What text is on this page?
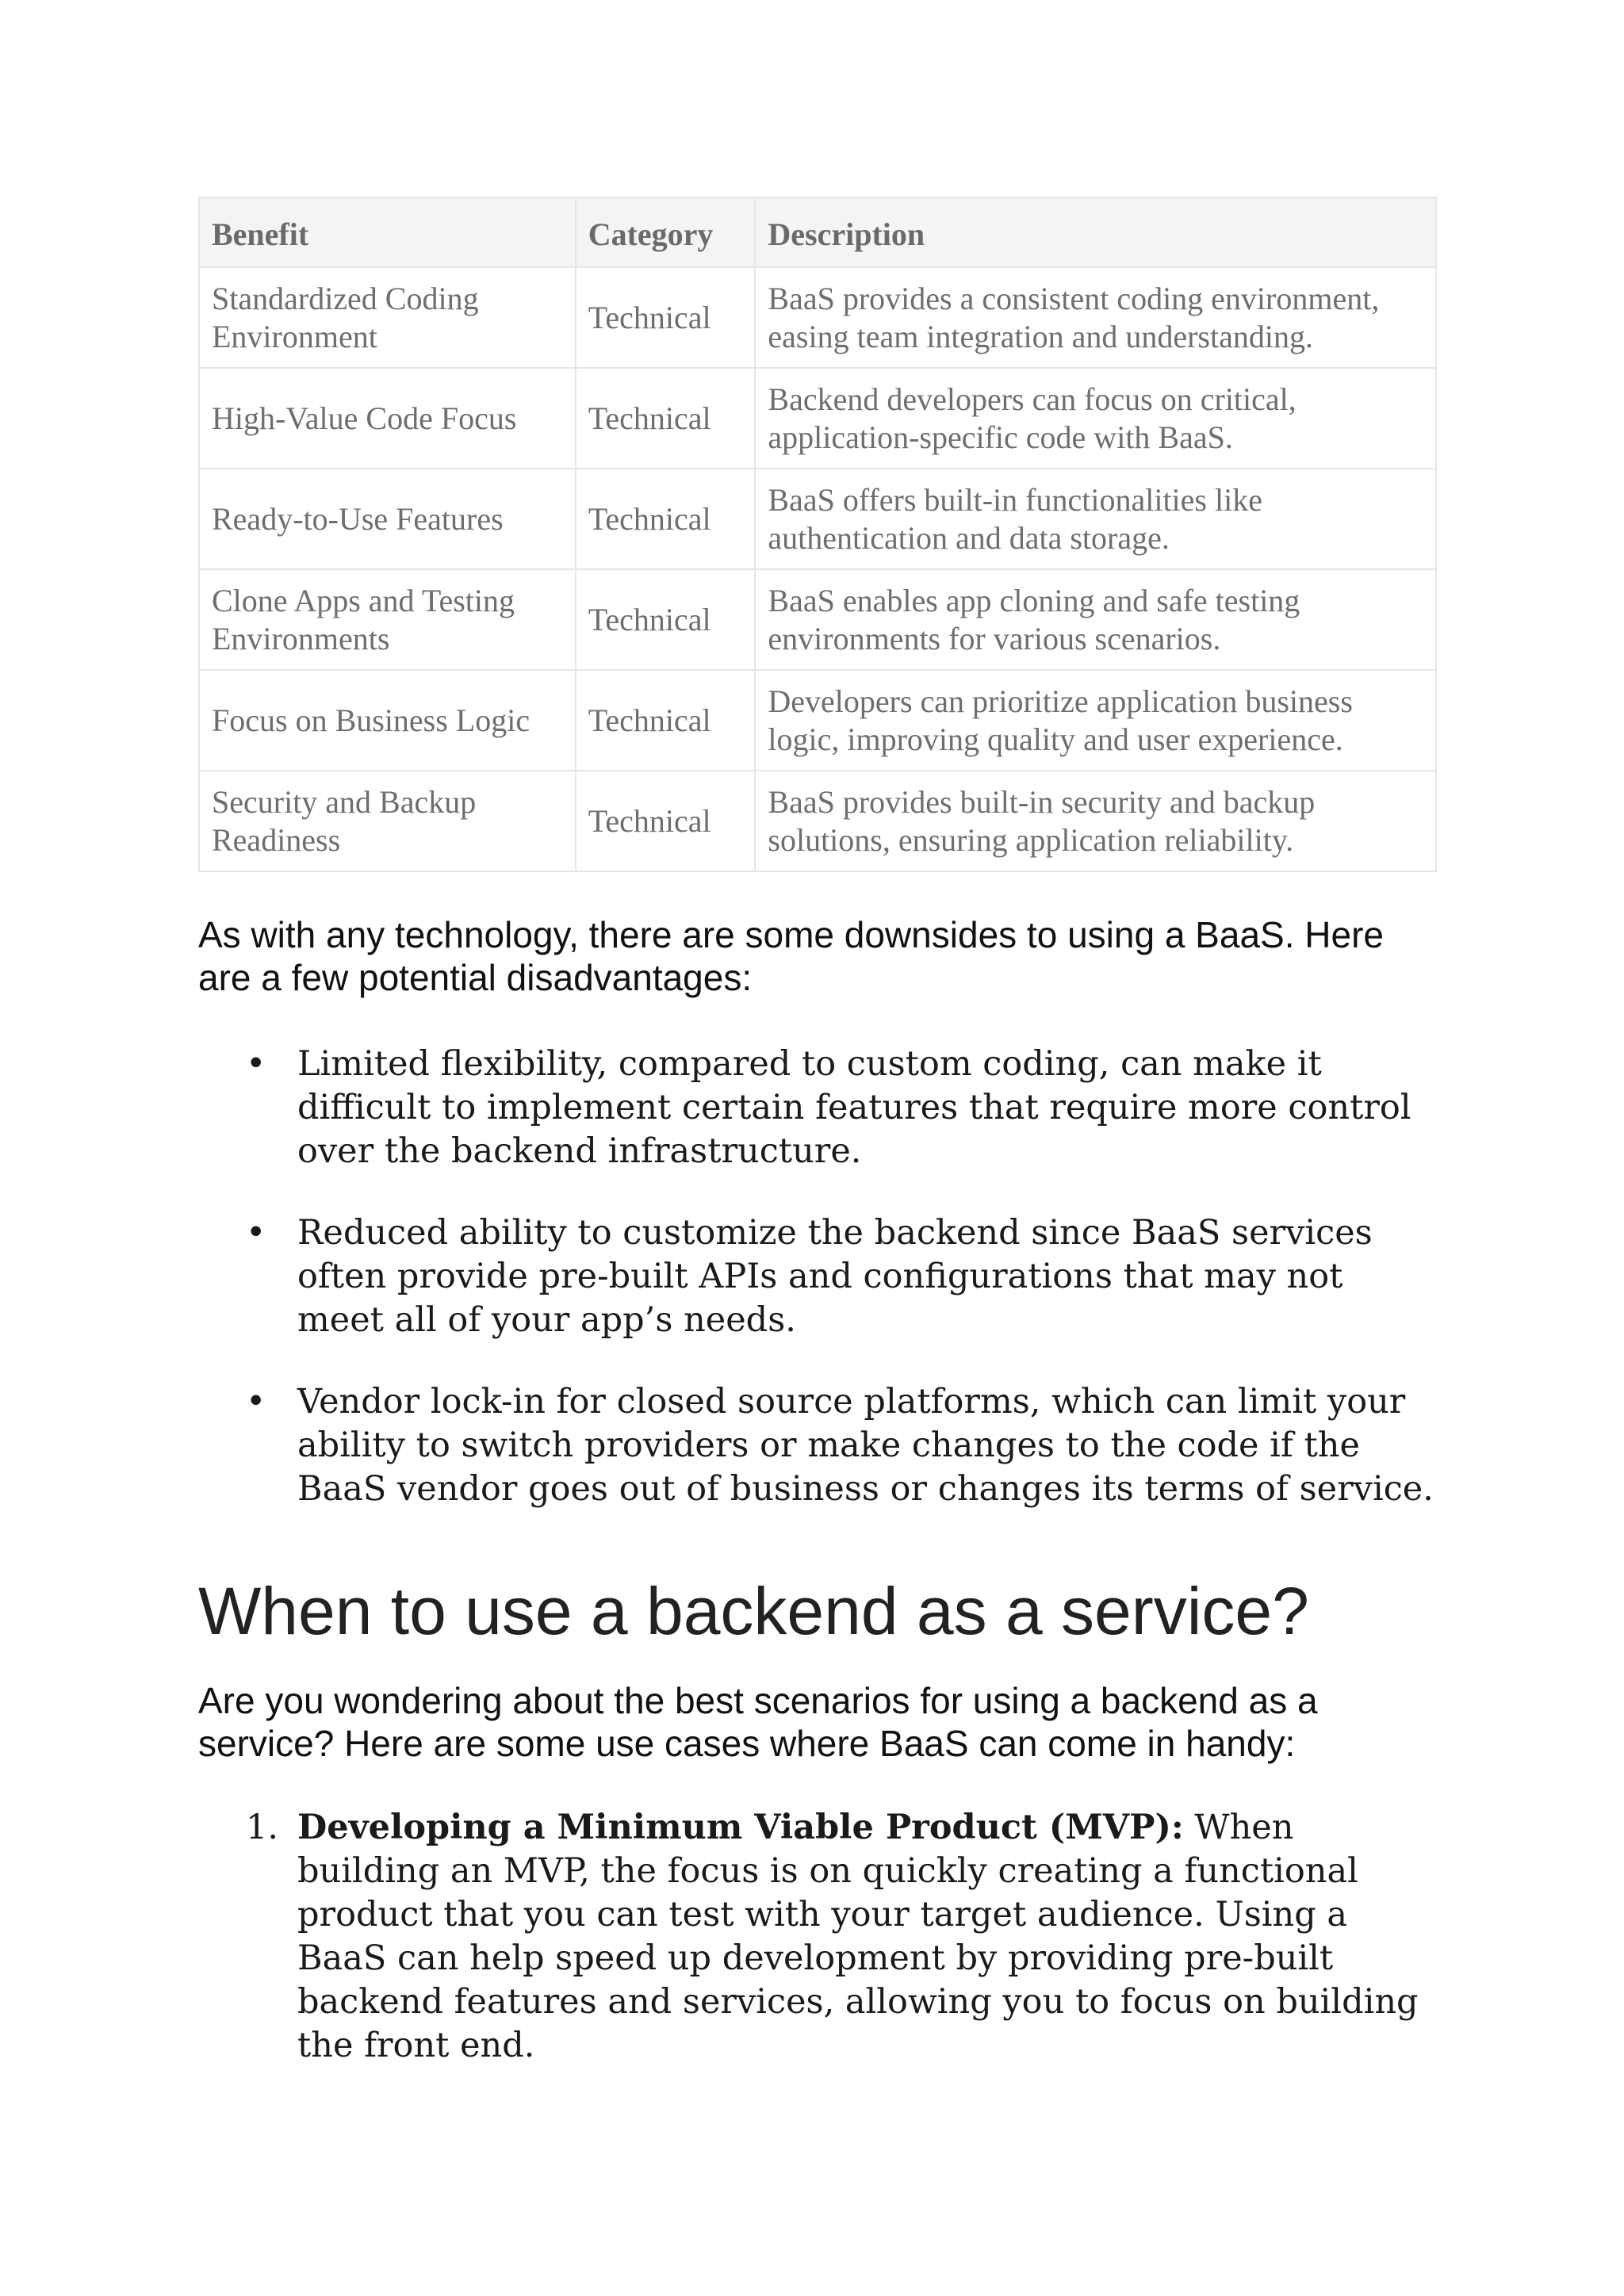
Benefit	Category	Description
Standardized Coding Environment	Technical	BaaS provides a consistent coding environment, easing team integration and understanding.
High-Value Code Focus	Technical	Backend developers can focus on critical, application-specific code with BaaS.
Ready-to-Use Features	Technical	BaaS offers built-in functionalities like authentication and data storage.
Clone Apps and Testing Environments	Technical	BaaS enables app cloning and safe testing environments for various scenarios.
Focus on Business Logic	Technical	Developers can prioritize application business logic, improving quality and user experience.
Security and Backup Readiness	Technical	BaaS provides built-in security and backup solutions, ensuring application reliability.

As with any technology, there are some downsides to using a BaaS. Here are a few potential disadvantages:

• Limited flexibility, compared to custom coding, can make it difficult to implement certain features that require more control over the backend infrastructure.
• Reduced ability to customize the backend since BaaS services often provide pre-built APIs and configurations that may not meet all of your app’s needs.
• Vendor lock-in for closed source platforms, which can limit your ability to switch providers or make changes to the code if the BaaS vendor goes out of business or changes its terms of service.
When to use a backend as a service?

Are you wondering about the best scenarios for using a backend as a service? Here are some use cases where BaaS can come in handy:

1. Developing a Minimum Viable Product (MVP): When building an MVP, the focus is on quickly creating a functional product that you can test with your target audience. Using a BaaS can help speed up development by providing pre-built backend features and services, allowing you to focus on building the front end.
